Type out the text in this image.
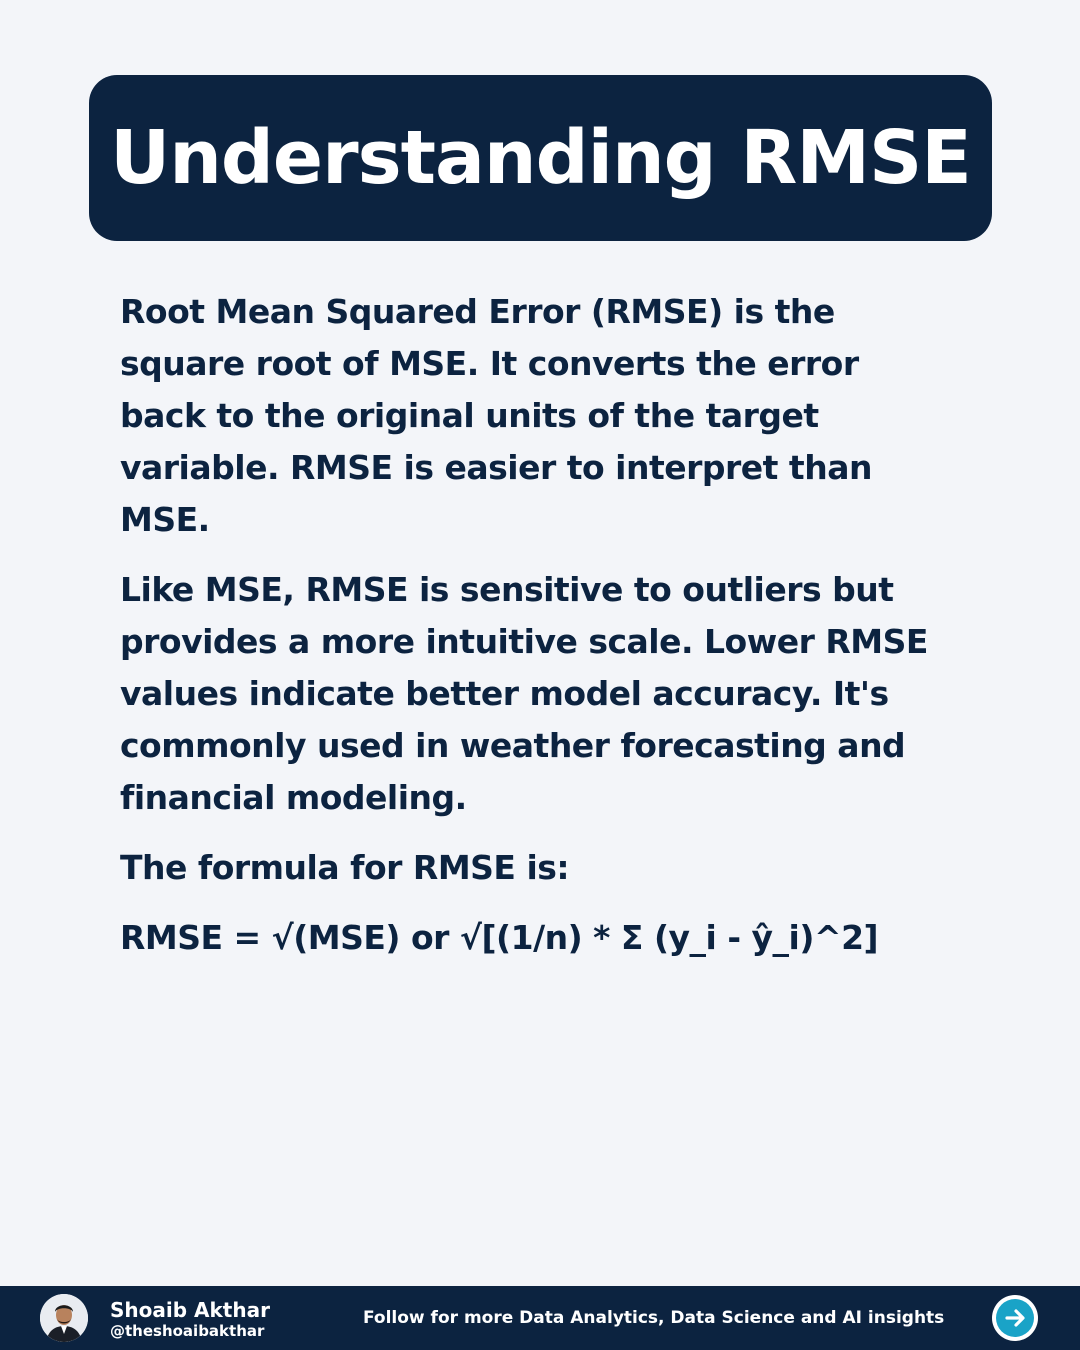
Understanding RMSE

Root Mean Squared Error (RMSE) is the square root of MSE. It converts the error back to the original units of the target variable. RMSE is easier to interpret than MSE.

Like MSE, RMSE is sensitive to outliers but provides a more intuitive scale. Lower RMSE values indicate better model accuracy. It's commonly used in weather forecasting and financial modeling.

The formula for RMSE is:

RMSE = √(MSE) or √[(1/n) * Σ (y_i - ŷ_i)^2]

Shoaib Akthar
@theshoaibakthar
Follow for more Data Analytics, Data Science and AI insights
